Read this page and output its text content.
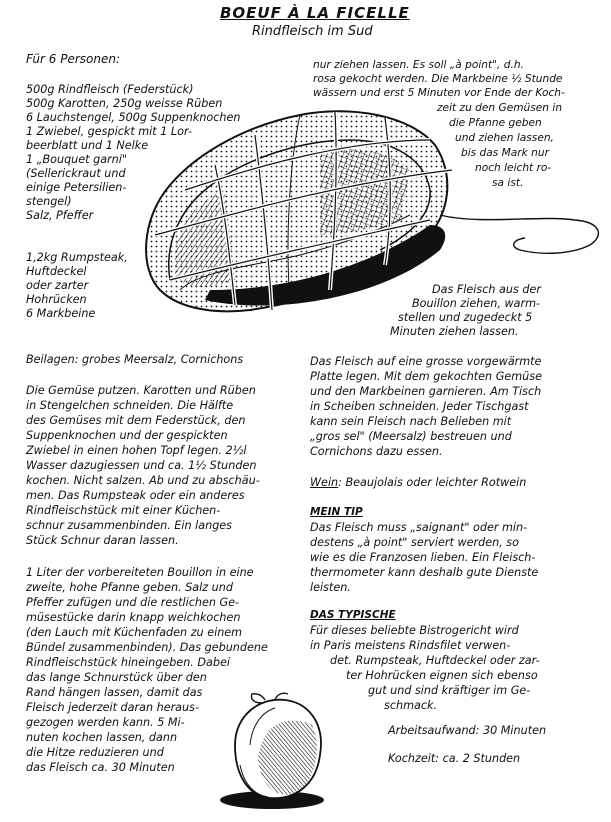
BOEUF À LA FICELLE
Rindfleisch im Sud
Für 6 Personen:

500g Rindfleisch (Federstück)

500g Karotten, 250g weisse Rüben

6 Lauchstengel, 500g Suppenknochen

1 Zwiebel, gespickt mit 1 Lor-

beerblatt und 1 Nelke

1 „Bouquet garni"

(Sellerickraut und

einige Petersilien-

stengel)

Salz, Pfeffer

1,2kg Rumpsteak,

Huftdeckel

oder zarter

Hohrücken

6 Markbeine

nur ziehen lassen. Es soll „à point", d.h.

rosa gekocht werden. Die Markbeine ½ Stunde

wässern und erst 5 Minuten vor Ende der Koch-

zeit zu den Gemüsen in

die Pfanne geben

und ziehen lassen,

bis das Mark nur

noch leicht ro-

sa ist.

Das Fleisch aus der

Bouillon ziehen, warm-

stellen und zugedeckt 5

Minuten ziehen lassen.

Beilagen: grobes Meersalz, Cornichons

Die Gemüse putzen. Karotten und Rüben

in Stengelchen schneiden. Die Hälfte

des Gemüses mit dem Federstück, den

Suppenknochen und der gespickten

Zwiebel in einen hohen Topf legen. 2½l

Wasser dazugiessen und ca. 1½ Stunden

kochen. Nicht salzen. Ab und zu abschäu-

men. Das Rumpsteak oder ein anderes

Rindfleischstück mit einer Küchen-

schnur zusammenbinden. Ein langes

Stück Schnur daran lassen.

1 Liter der vorbereiteten Bouillon in eine

zweite, hohe Pfanne geben. Salz und

Pfeffer zufügen und die restlichen Ge-

müsestücke darin knapp weichkochen

(den Lauch mit Küchenfaden zu einem

Bündel zusammenbinden). Das gebundene

Rindfleischstück hineingeben. Dabei

das lange Schnurstück über den

Rand hängen lassen, damit das

Fleisch jederzeit daran heraus-

gezogen werden kann. 5 Mi-

nuten kochen lassen, dann

die Hitze reduzieren und

das Fleisch ca. 30 Minuten

Das Fleisch auf eine grosse vorgewärmte

Platte legen. Mit dem gekochten Gemüse

und den Markbeinen garnieren. Am Tisch

in Scheiben schneiden. Jeder Tischgast

kann sein Fleisch nach Belieben mit

„gros sel" (Meersalz) bestreuen und

Cornichons dazu essen.

Wein: Beaujolais oder leichter Rotwein

MEIN TIP

Das Fleisch muss „saignant" oder min-

destens „à point" serviert werden, so

wie es die Franzosen lieben. Ein Fleisch-

thermometer kann deshalb gute Dienste

leisten.

DAS TYPISCHE

Für dieses beliebte Bistrogericht wird

in Paris meistens Rindsfilet verwen-

det. Rumpsteak, Huftdeckel oder zar-

ter Hohrücken eignen sich ebenso

gut und sind kräftiger im Ge-

schmack.

Arbeitsaufwand: 30 Minuten

Kochzeit: ca. 2 Stunden
